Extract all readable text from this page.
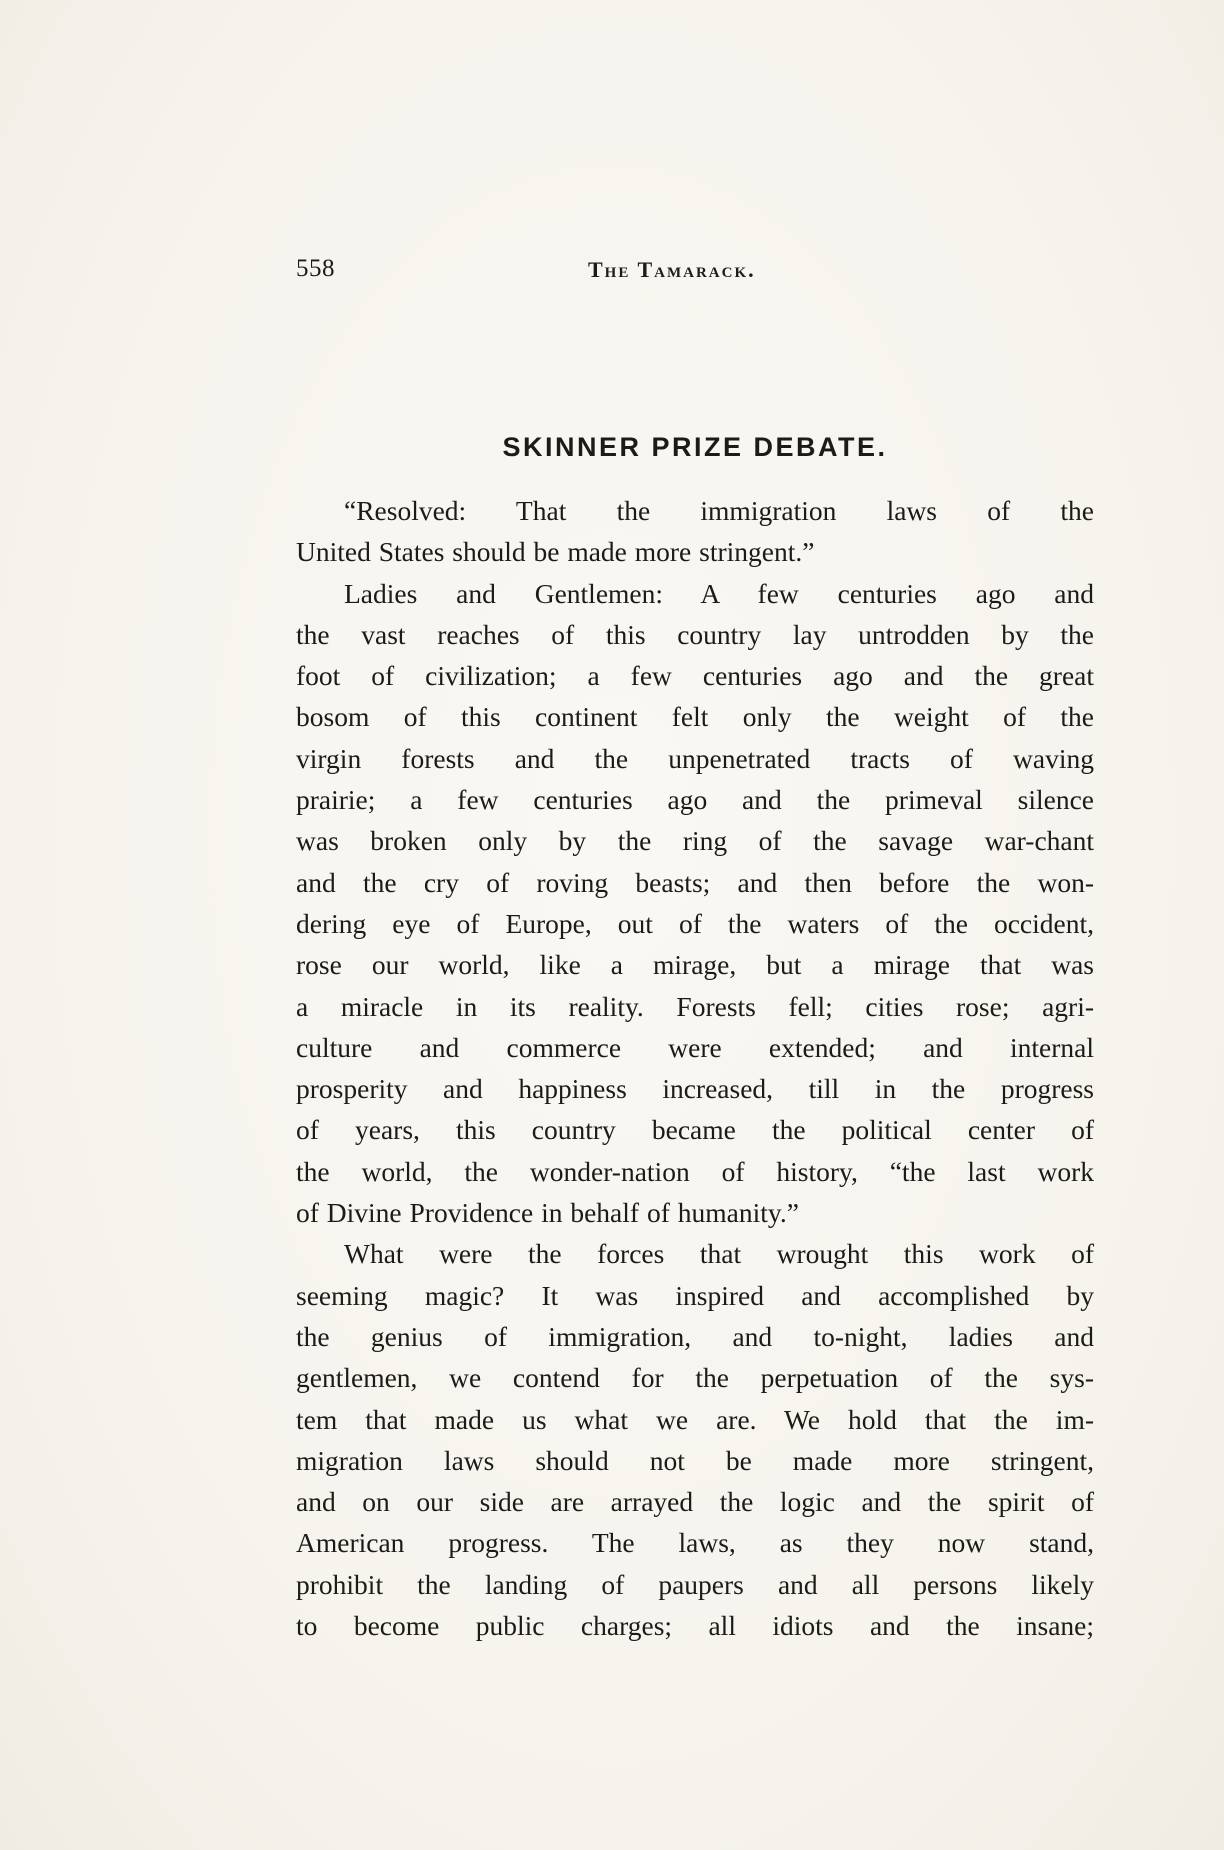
558	The Tamarack.
SKINNER PRIZE DEBATE.
“Resolved: That the immigration laws of the
United States should be made more stringent.”
Ladies and Gentlemen: A few centuries ago and
the vast reaches of this country lay untrodden by the
foot of civilization; a few centuries ago and the great
bosom of this continent felt only the weight of the
virgin forests and the unpenetrated tracts of waving
prairie; a few centuries ago and the primeval silence
was broken only by the ring of the savage war-chant
and the cry of roving beasts; and then before the won-
dering eye of Europe, out of the waters of the occident,
rose our world, like a mirage, but a mirage that was
a miracle in its reality. Forests fell; cities rose; agri-
culture and commerce were extended; and internal
prosperity and happiness increased, till in the progress
of years, this country became the political center of
the world, the wonder-nation of history, “the last work
of Divine Providence in behalf of humanity.”
What were the forces that wrought this work of
seeming magic? It was inspired and accomplished by
the genius of immigration, and to-night, ladies and
gentlemen, we contend for the perpetuation of the sys-
tem that made us what we are. We hold that the im-
migration laws should not be made more stringent,
and on our side are arrayed the logic and the spirit of
American progress. The laws, as they now stand,
prohibit the landing of paupers and all persons likely
to become public charges; all idiots and the insane;
